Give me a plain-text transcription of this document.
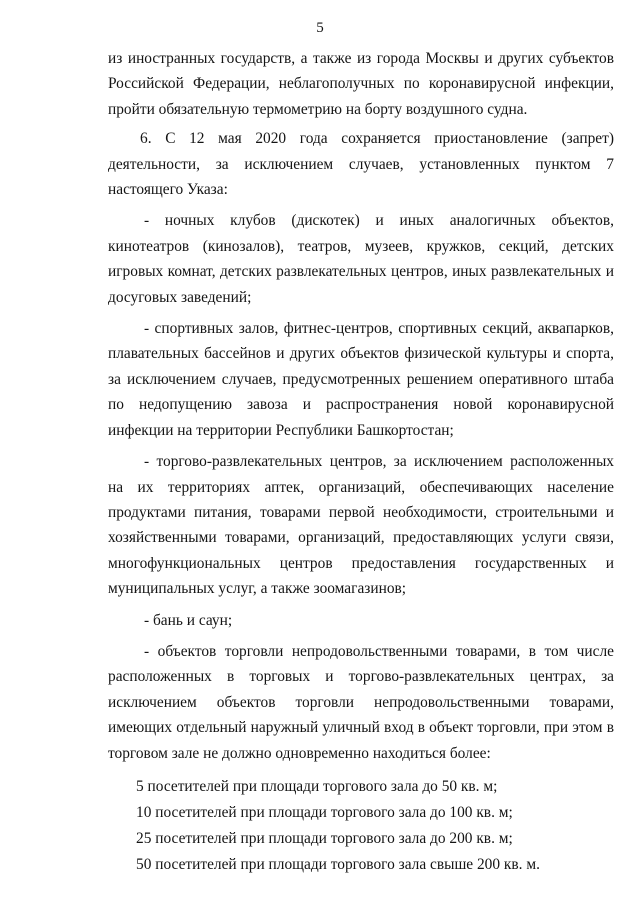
5

из иностранных государств, а также из города Москвы и других субъектов Российской Федерации, неблагополучных по коронавирусной инфекции, пройти обязательную термометрию на борту воздушного судна.

6. С 12 мая 2020 года сохраняется приостановление (запрет) деятельности, за исключением случаев, установленных пунктом 7 настоящего Указа:

- ночных клубов (дискотек) и иных аналогичных объектов, кинотеатров (кинозалов), театров, музеев, кружков, секций, детских игровых комнат, детских развлекательных центров, иных развлекательных и досуговых заведений;

- спортивных залов, фитнес-центров, спортивных секций, аквапарков, плавательных бассейнов и других объектов физической культуры и спорта, за исключением случаев, предусмотренных решением оперативного штаба по недопущению завоза и распространения новой коронавирусной инфекции на территории Республики Башкортостан;

- торгово-развлекательных центров, за исключением расположенных на их территориях аптек, организаций, обеспечивающих население продуктами питания, товарами первой необходимости, строительными и хозяйственными товарами, организаций, предоставляющих услуги связи, многофункциональных центров предоставления государственных и муниципальных услуг, а также зоомагазинов;

- бань и саун;

- объектов торговли непродовольственными товарами, в том числе расположенных в торговых и торгово-развлекательных центрах, за исключением объектов торговли непродовольственными товарами, имеющих отдельный наружный уличный вход в объект торговли, при этом в торговом зале не должно одновременно находиться более:

5 посетителей при площади торгового зала до 50 кв. м;

10 посетителей при площади торгового зала до 100 кв. м;

25 посетителей при площади торгового зала до 200 кв. м;

50 посетителей при площади торгового зала свыше 200 кв. м.
